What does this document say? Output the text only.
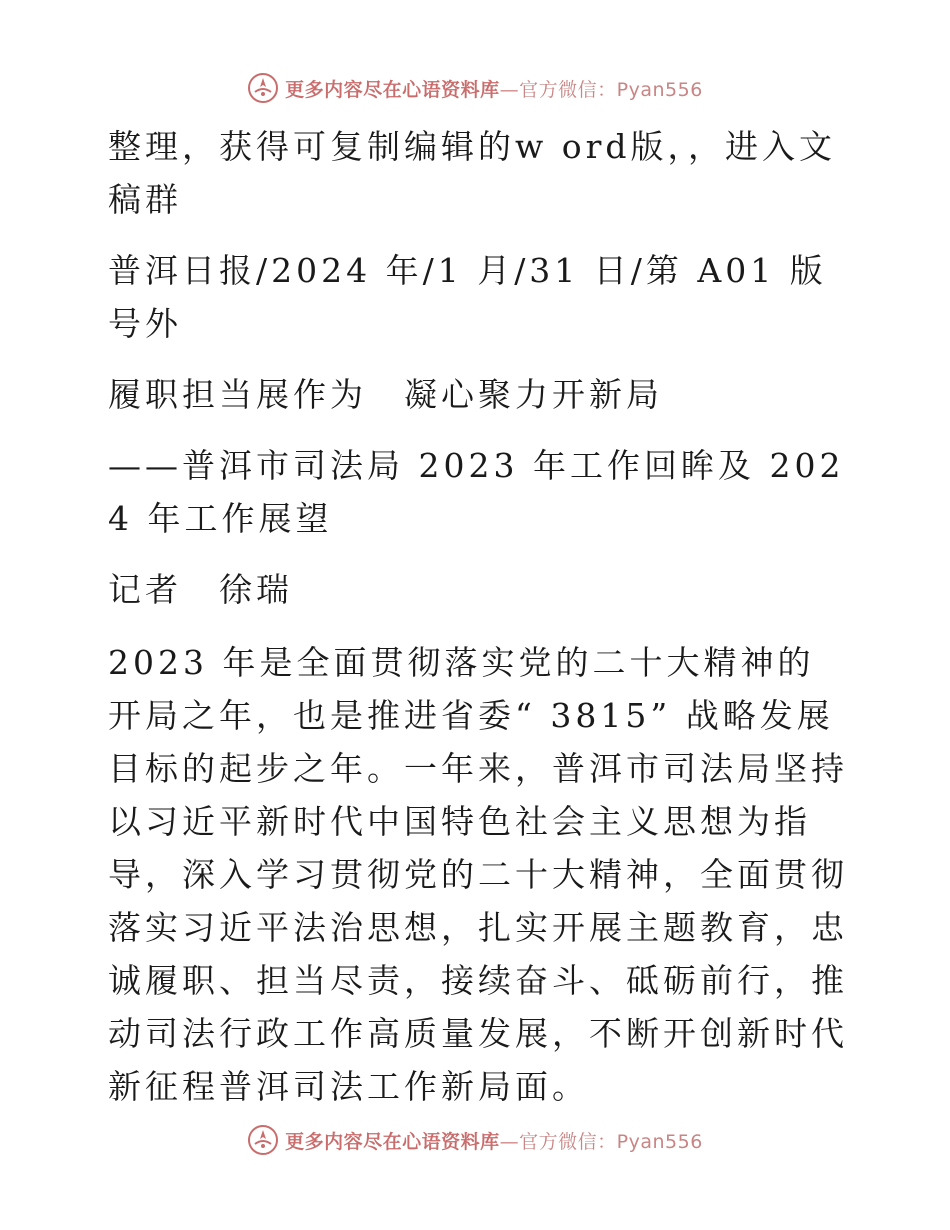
更多内容尽在心语资料库—官方微信：Pyan556

整理，获得可复制编辑的w ord版，，进入文稿群

普洱日报/2024 年/1 月/31 日/第 A01 版号外

履职担当展作为　凝心聚力开新局

——普洱市司法局 2023 年工作回眸及 2024 年工作展望

记者　徐瑞

2023 年是全面贯彻落实党的二十大精神的开局之年，也是推进省委“ 3815” 战略发展目标的起步之年。一年来，普洱市司法局坚持以习近平新时代中国特色社会主义思想为指导，深入学习贯彻党的二十大精神，全面贯彻落实习近平法治思想，扎实开展主题教育，忠诚履职、担当尽责，接续奋斗、砥砺前行，推动司法行政工作高质量发展，不断开创新时代新征程普洱司法工作新局面。

更多内容尽在心语资料库—官方微信：Pyan556
